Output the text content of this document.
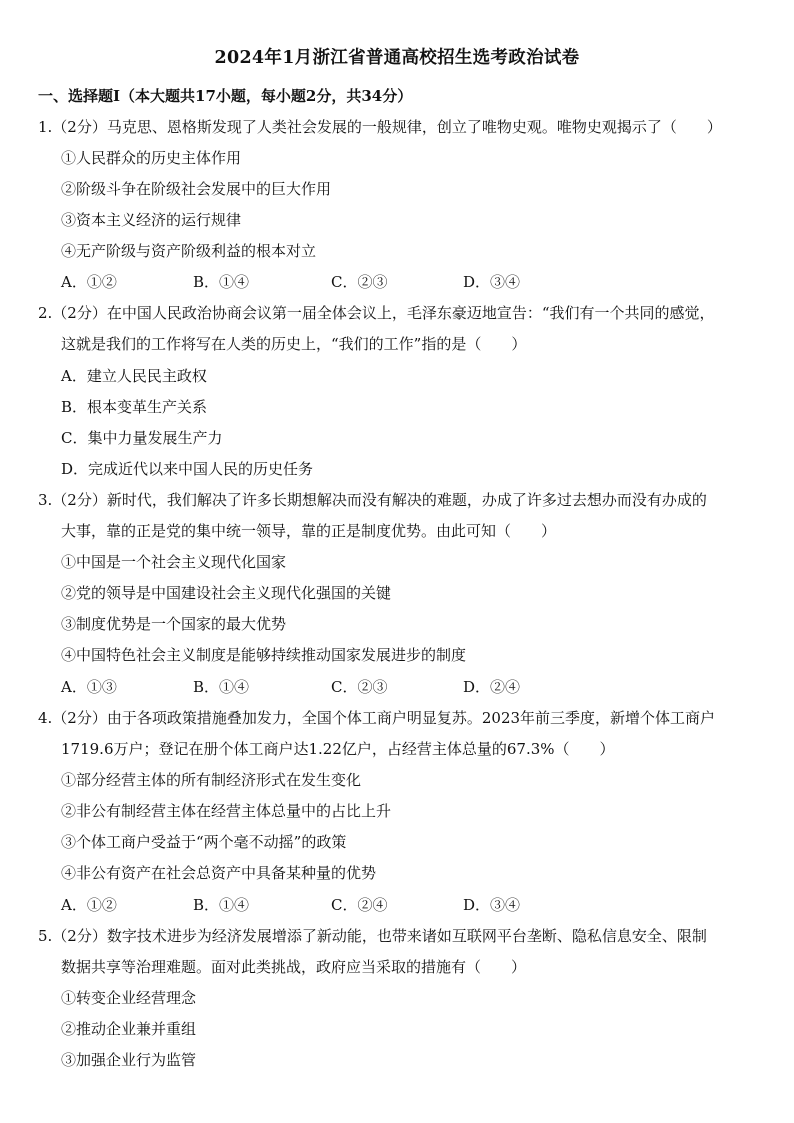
2024年1月浙江省普通高校招生选考政治试卷
一、选择题Ⅰ（本大题共17小题，每小题2分，共34分）
1.（2分）马克思、恩格斯发现了人类社会发展的一般规律，创立了唯物史观。唯物史观揭示了（　　）
①人民群众的历史主体作用
②阶级斗争在阶级社会发展中的巨大作用
③资本主义经济的运行规律
④无产阶级与资产阶级利益的根本对立
A．①②	B．①④	C．②③	D．③④
2.（2分）在中国人民政治协商会议第一届全体会议上，毛泽东豪迈地宣告：“我们有一个共同的感觉，
这就是我们的工作将写在人类的历史上，“我们的工作”指的是（　　）
A．建立人民民主政权
B．根本变革生产关系
C．集中力量发展生产力
D．完成近代以来中国人民的历史任务
3.（2分）新时代，我们解决了许多长期想解决而没有解决的难题，办成了许多过去想办而没有办成的
大事，靠的正是党的集中统一领导，靠的正是制度优势。由此可知（　　）
①中国是一个社会主义现代化国家
②党的领导是中国建设社会主义现代化强国的关键
③制度优势是一个国家的最大优势
④中国特色社会主义制度是能够持续推动国家发展进步的制度
A．①③	B．①④	C．②③	D．②④
4.（2分）由于各项政策措施叠加发力，全国个体工商户明显复苏。2023年前三季度，新增个体工商户
1719.6万户；登记在册个体工商户达1.22亿户，占经营主体总量的67.3%（　　）
①部分经营主体的所有制经济形式在发生变化
②非公有制经营主体在经营主体总量中的占比上升
③个体工商户受益于“两个毫不动摇”的政策
④非公有资产在社会总资产中具备某种量的优势
A．①②	B．①④	C．②④	D．③④
5.（2分）数字技术进步为经济发展增添了新动能，也带来诸如互联网平台垄断、隐私信息安全、限制
数据共享等治理难题。面对此类挑战，政府应当采取的措施有（　　）
①转变企业经营理念
②推动企业兼并重组
③加强企业行为监管
